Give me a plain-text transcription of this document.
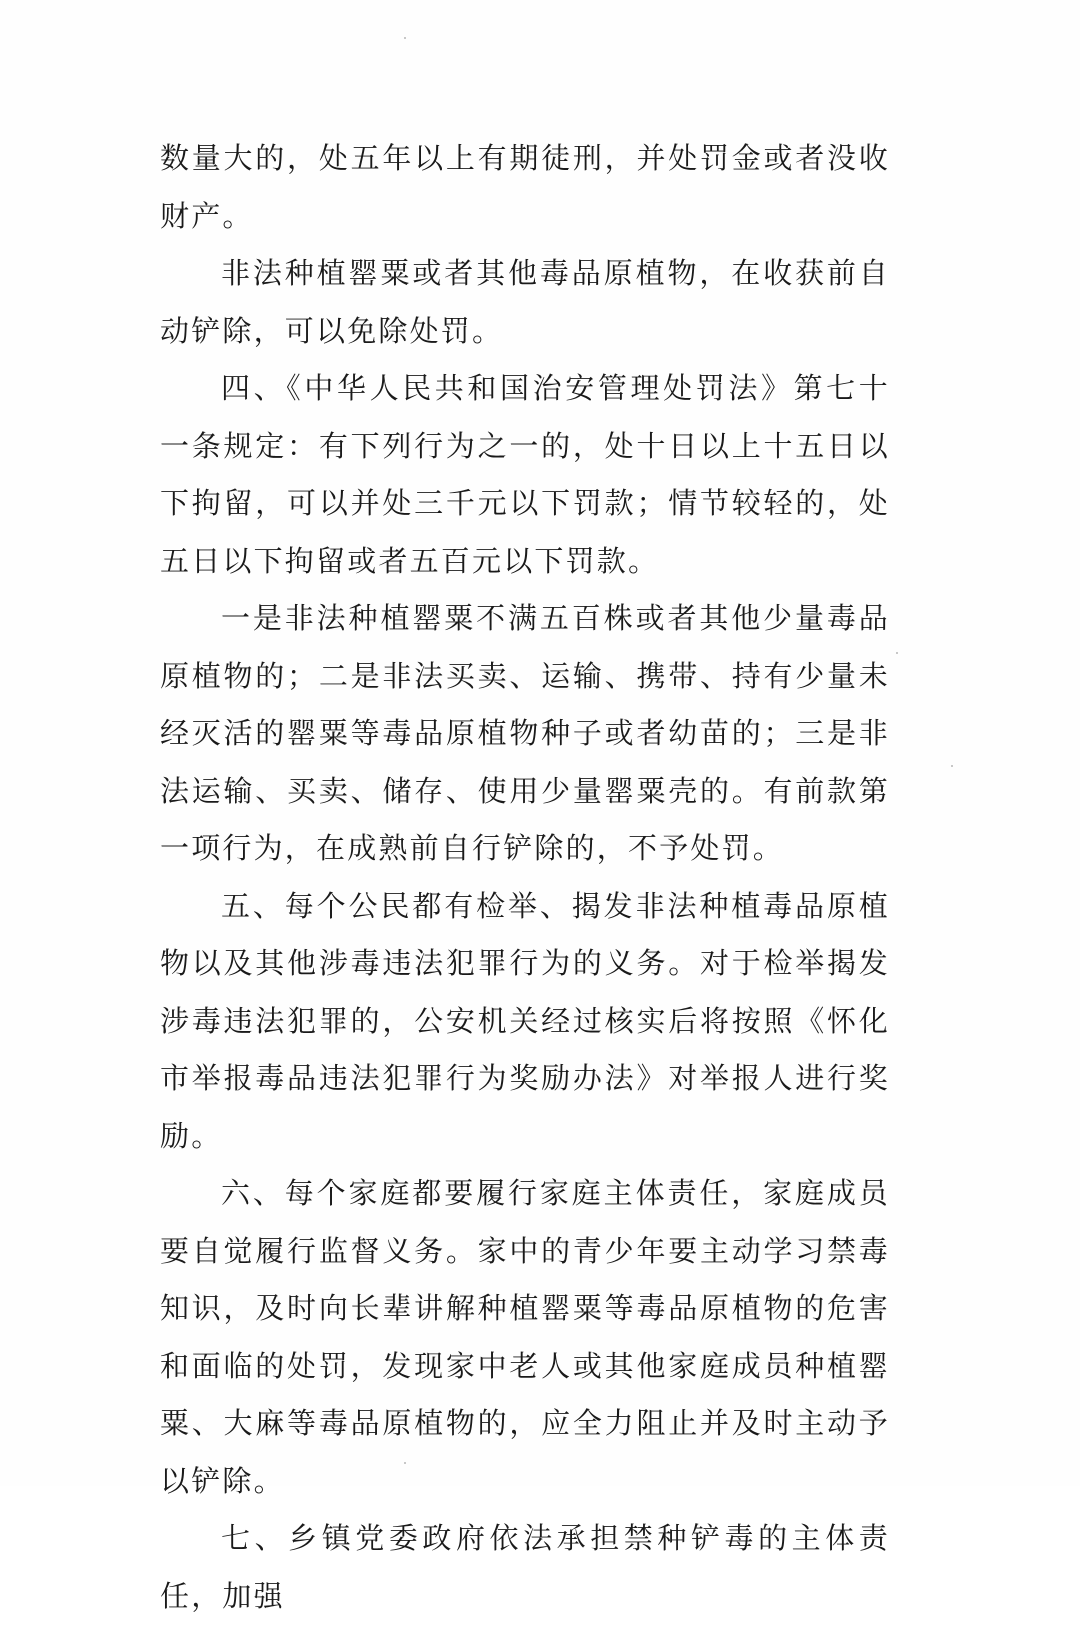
数量大的，处五年以上有期徒刑，并处罚金或者没收财产。

非法种植罂粟或者其他毒品原植物，在收获前自动铲除，可以免除处罚。

四、《中华人民共和国治安管理处罚法》第七十一条规定：有下列行为之一的，处十日以上十五日以下拘留，可以并处三千元以下罚款；情节较轻的，处五日以下拘留或者五百元以下罚款。

一是非法种植罂粟不满五百株或者其他少量毒品原植物的；二是非法买卖、运输、携带、持有少量未经灭活的罂粟等毒品原植物种子或者幼苗的；三是非法运输、买卖、储存、使用少量罂粟壳的。有前款第一项行为，在成熟前自行铲除的，不予处罚。

五、每个公民都有检举、揭发非法种植毒品原植物以及其他涉毒违法犯罪行为的义务。对于检举揭发涉毒违法犯罪的，公安机关经过核实后将按照《怀化市举报毒品违法犯罪行为奖励办法》对举报人进行奖励。

六、每个家庭都要履行家庭主体责任，家庭成员要自觉履行监督义务。家中的青少年要主动学习禁毒知识，及时向长辈讲解种植罂粟等毒品原植物的危害和面临的处罚，发现家中老人或其他家庭成员种植罂粟、大麻等毒品原植物的，应全力阻止并及时主动予以铲除。

七、乡镇党委政府依法承担禁种铲毒的主体责任，加强
